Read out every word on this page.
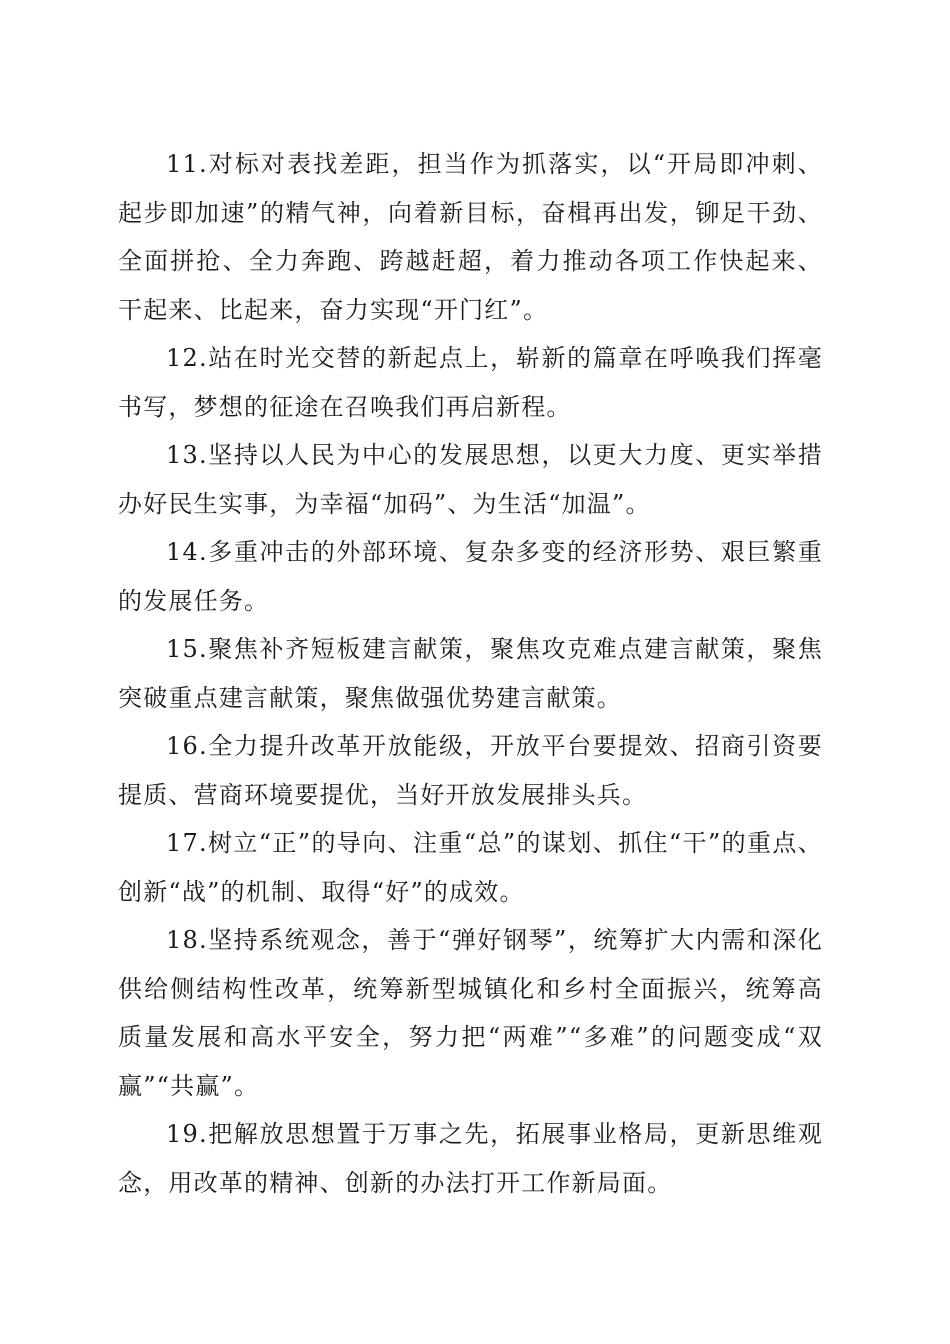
11.对标对表找差距，担当作为抓落实，以“开局即冲刺、起步即加速”的精气神，向着新目标，奋楫再出发，铆足干劲、全面拼抢、全力奔跑、跨越赶超，着力推动各项工作快起来、干起来、比起来，奋力实现“开门红”。

12.站在时光交替的新起点上，崭新的篇章在呼唤我们挥毫书写，梦想的征途在召唤我们再启新程。

13.坚持以人民为中心的发展思想，以更大力度、更实举措办好民生实事，为幸福“加码”、为生活“加温”。

14.多重冲击的外部环境、复杂多变的经济形势、艰巨繁重的发展任务。

15.聚焦补齐短板建言献策，聚焦攻克难点建言献策，聚焦突破重点建言献策，聚焦做强优势建言献策。

16.全力提升改革开放能级，开放平台要提效、招商引资要提质、营商环境要提优，当好开放发展排头兵。

17.树立“正”的导向、注重“总”的谋划、抓住“干”的重点、创新“战”的机制、取得“好”的成效。

18.坚持系统观念，善于“弹好钢琴”，统筹扩大内需和深化供给侧结构性改革，统筹新型城镇化和乡村全面振兴，统筹高质量发展和高水平安全，努力把“两难”“多难”的问题变成“双赢”“共赢”。

19.把解放思想置于万事之先，拓展事业格局，更新思维观念，用改革的精神、创新的办法打开工作新局面。
